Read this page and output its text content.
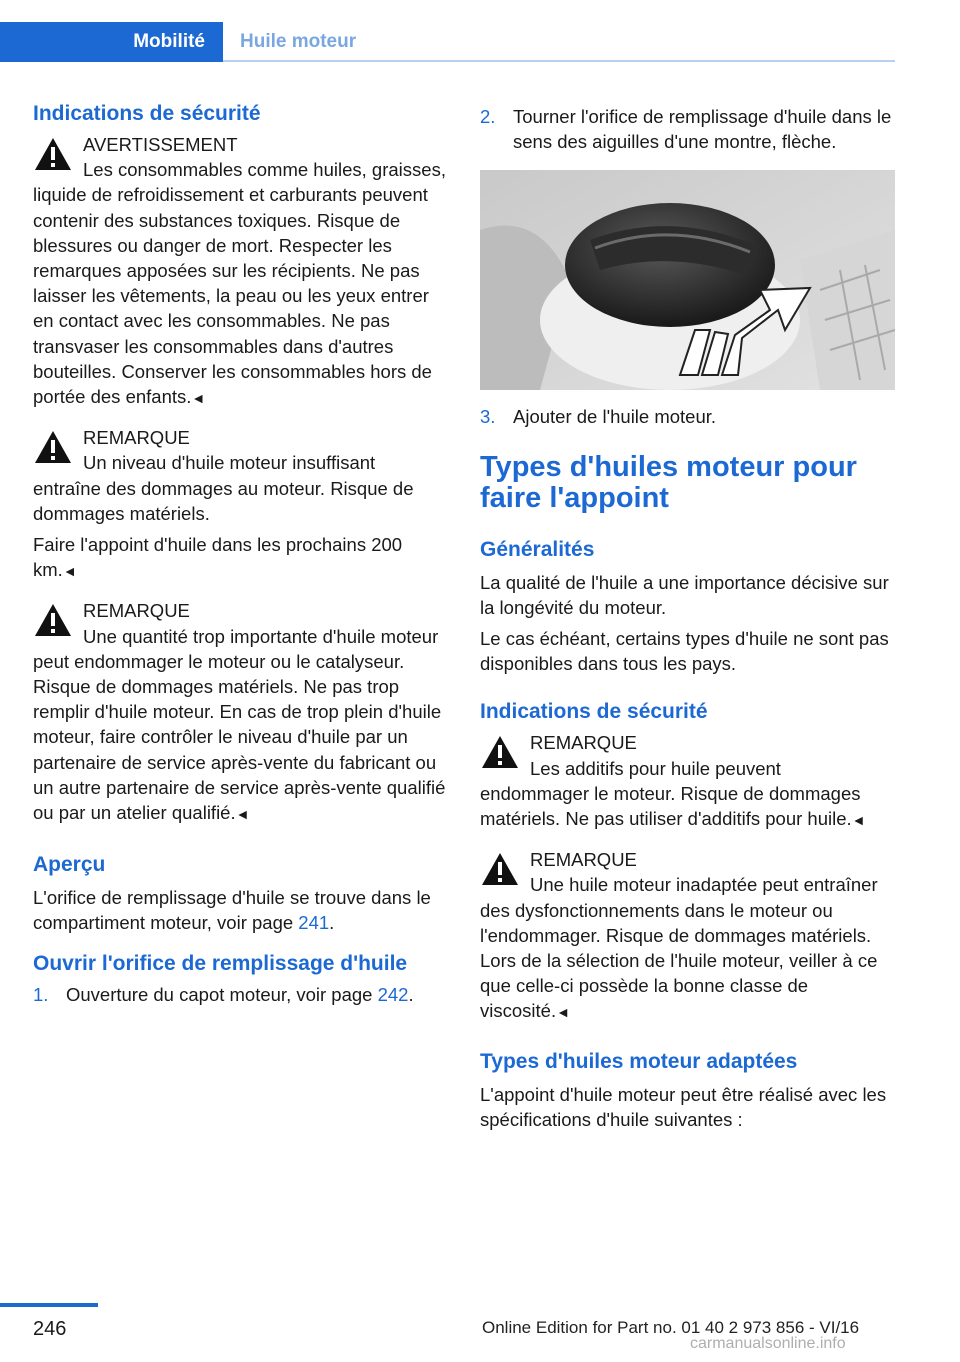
Mobilité	Huile moteur
Indications de sécurité
AVERTISSEMENT
Les consommables comme huiles, graisses, liquide de refroidissement et carburants peuvent contenir des substances toxiques. Risque de blessures ou danger de mort. Respecter les remarques apposées sur les récipients. Ne pas laisser les vêtements, la peau ou les yeux entrer en contact avec les consommables. Ne pas transvaser les consommables dans d'autres bouteilles. Conserver les consommables hors de portée des enfants.◄
REMARQUE
Un niveau d'huile moteur insuffisant entraîne des dommages au moteur. Risque de dommages matériels.

Faire l'appoint d'huile dans les prochains 200 km.◄

REMARQUE
Une quantité trop importante d'huile moteur peut endommager le moteur ou le catalyseur. Risque de dommages matériels. Ne pas trop remplir d'huile moteur. En cas de trop plein d'huile moteur, faire contrôler le niveau d'huile par un partenaire de service après-vente du fabricant ou un autre partenaire de service après-vente qualifié ou par un atelier qualifié.◄
Aperçu

L'orifice de remplissage d'huile se trouve dans le compartiment moteur, voir page 241.

Ouvrir l'orifice de remplissage d'huile
1. Ouverture du capot moteur, voir page 242.
2. Tourner l'orifice de remplissage d'huile dans le sens des aiguilles d'une montre, flèche.
3. Ajouter de l'huile moteur.
Types d'huiles moteur pour faire l'appoint
Généralités

La qualité de l'huile a une importance décisive sur la longévité du moteur.

Le cas échéant, certains types d'huile ne sont pas disponibles dans tous les pays.

Indications de sécurité
REMARQUE
Les additifs pour huile peuvent endommager le moteur. Risque de dommages matériels. Ne pas utiliser d'additifs pour huile.◄
REMARQUE
Une huile moteur inadaptée peut entraîner des dysfonctionnements dans le moteur ou l'endommager. Risque de dommages matériels. Lors de la sélection de l'huile moteur, veiller à ce que celle-ci possède la bonne classe de viscosité.◄
Types d'huiles moteur adaptées

L'appoint d'huile moteur peut être réalisé avec les spécifications d'huile suivantes :

246	Online Edition for Part no. 01 40 2 973 856 - VI/16
carmanualsonline.info
